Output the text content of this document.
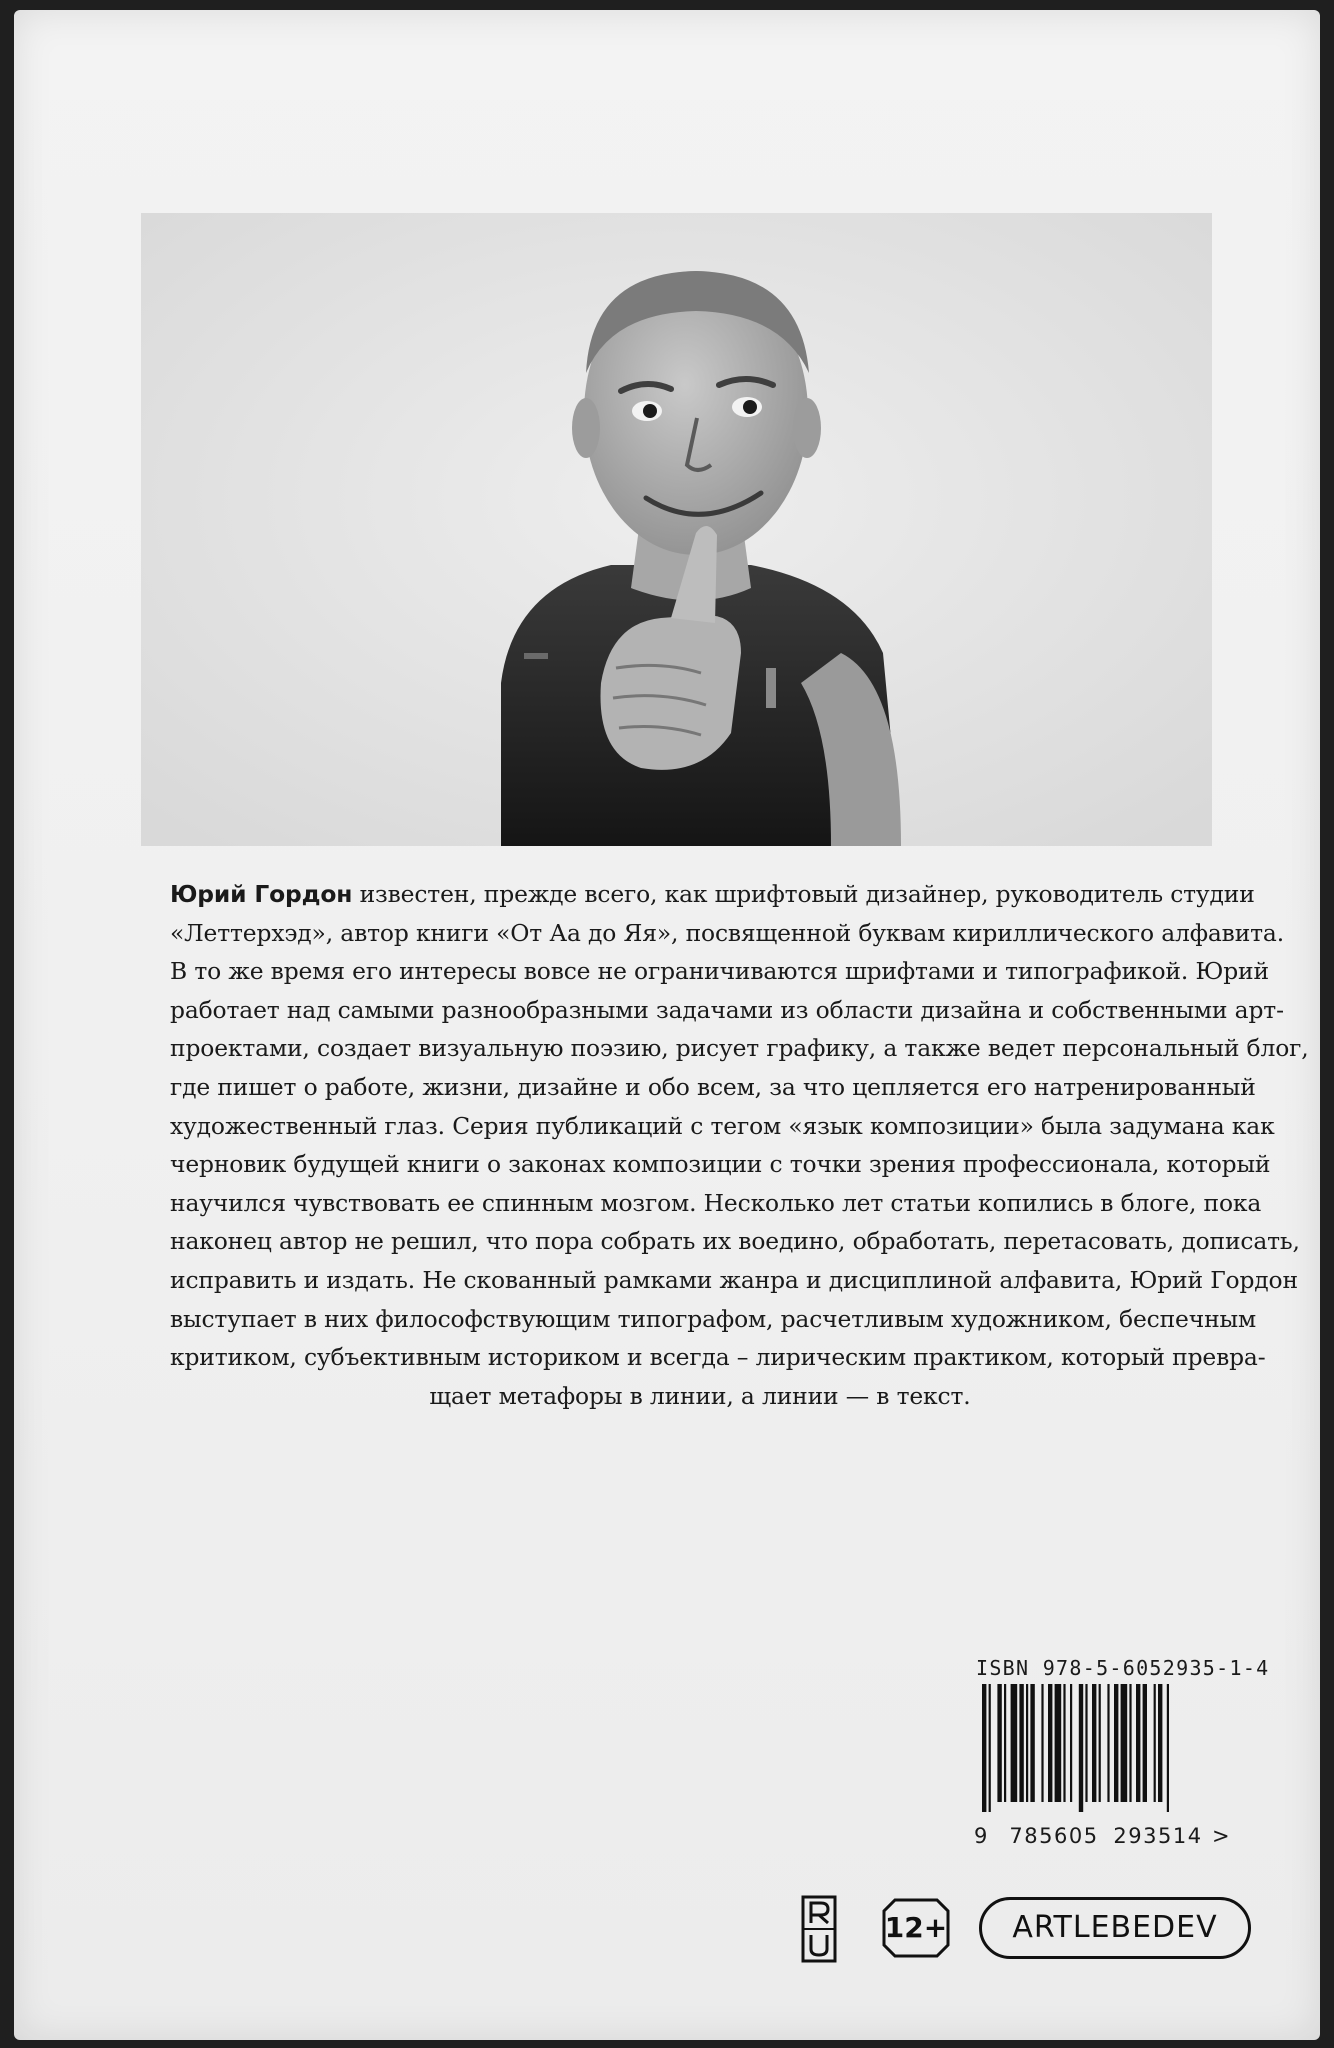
Юрий Гордон известен, прежде всего, как шрифтовый дизайнер, руководитель студии
«Леттерхэд», автор книги «От Аа до Яя», посвященной буквам кириллического алфавита.
В то же время его интересы вовсе не ограничиваются шрифтами и типографикой. Юрий
работает над самыми разнообразными задачами из области дизайна и собственными арт-
проектами, создает визуальную поэзию, рисует графику, а также ведет персональный блог,
где пишет о работе, жизни, дизайне и обо всем, за что цепляется его натренированный
художественный глаз. Серия публикаций с тегом «язык композиции» была задумана как
черновик будущей книги о законах композиции с точки зрения профессионала, который
научился чувствовать ее спинным мозгом. Несколько лет статьи копились в блоге, пока
наконец автор не решил, что пора собрать их воедино, обработать, перетасовать, дописать,
исправить и издать. Не скованный рамками жанра и дисциплиной алфавита, Юрий Гордон
выступает в них философствующим типографом, расчетливым художником, беспечным
критиком, субъективным историком и всегда – лирическим практиком, который превра-
щает метафоры в линии, а линии — в текст.
ISBN 978-5-6052935-1-4
9 785605 293514 >
12+	ARTLEBEDEV
